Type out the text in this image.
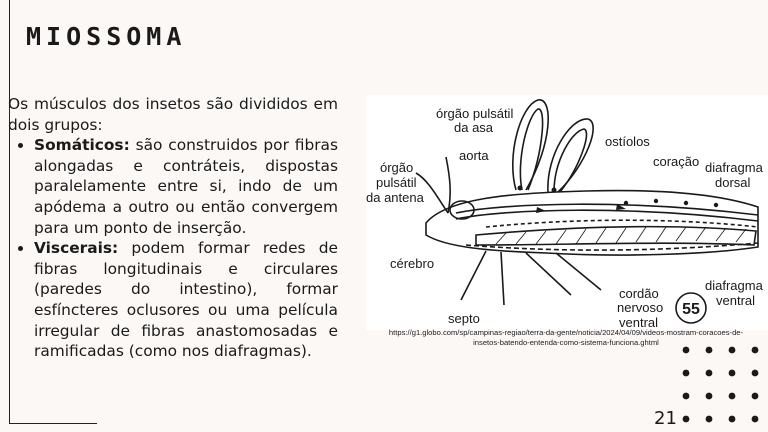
MIOSSOMA

Os músculos dos insetos são divididos em dois grupos:

• Somáticos: são construidos por fibras alongadas e contráteis, dispostas paralelamente entre si, indo de um apódema a outro ou então convergem para um ponto de inserção.
• Viscerais: podem formar redes de fibras longitudinais e circulares (paredes do intestino), formar esfíncteres oclusores ou uma película irregular de fibras anastomosadas e ramificadas (como nos diafragmas).
órgão pulsátil
da asa
aorta
ostíolos
coração diafragma
dorsal
órgão
pulsátil
da antena
cérebro
septo
cordão
nervoso
ventral
diafragma
ventral
55
https://g1.globo.com/sp/campinas-regiao/terra-da-gente/noticia/2024/04/09/videos-mostram-coracoes-de-
insetos-batendo-entenda-como-sistema-funciona.ghtml
21
